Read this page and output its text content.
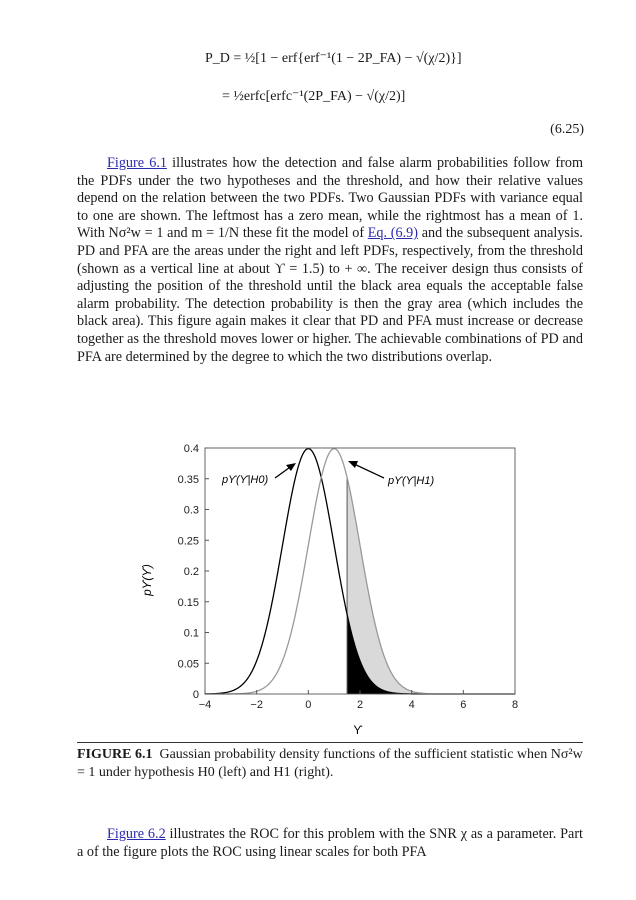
P_D = ½[1 − erf{erf⁻¹(1 − 2P_FA) − √(χ/2)}]
= ½erfc[erfc⁻¹(2P_FA) − √(χ/2)]
(6.25)

Figure 6.1 illustrates how the detection and false alarm probabilities follow from the PDFs under the two hypotheses and the threshold, and how their relative values depend on the relation between the two PDFs. Two Gaussian PDFs with variance equal to one are shown. The leftmost has a zero mean, while the rightmost has a mean of 1. With Nσ²w = 1 and m = 1/N these fit the model of Eq. (6.9) and the subsequent analysis. PD and PFA are the areas under the right and left PDFs, respectively, from the threshold (shown as a vertical line at about ϒ = 1.5) to + ∞. The receiver design thus consists of adjusting the position of the threshold until the black area equals the acceptable false alarm probability. The detection probability is then the gray area (which includes the black area). This figure again makes it clear that PD and PFA must increase or decrease together as the threshold moves lower or higher. The achievable combinations of PD and PFA are determined by the degree to which the two distributions overlap.

−4	−2	0	2	4	6	8
0
0.05
0.1
0.15
0.2
0.25
0.3
0.35
0.4
ϒ
pϒ(ϒ)
pϒ(ϒ|H0)	pϒ(ϒ|H1)
FIGURE 6.1 Gaussian probability density functions of the sufficient statistic when Nσ²w = 1 under hypothesis H0 (left) and H1 (right).

Figure 6.2 illustrates the ROC for this problem with the SNR χ as a parameter. Part a of the figure plots the ROC using linear scales for both PFA
